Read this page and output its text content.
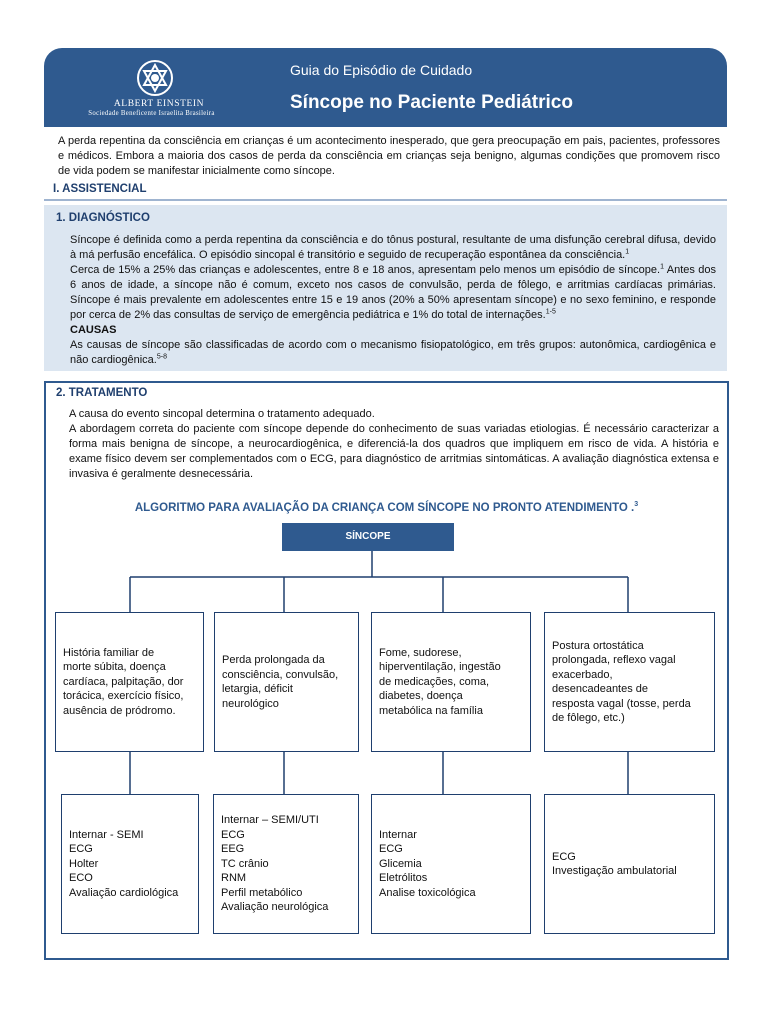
ALBERT EINSTEIN
Sociedade Beneficente Israelita Brasileira
Guia do Episódio de Cuidado
Síncope no Paciente Pediátrico
A perda repentina da consciência em crianças é um acontecimento inesperado, que gera preocupação em pais, pacientes, professores e médicos. Embora a maioria dos casos de perda da consciência em crianças seja benigno, algumas condições que promovem risco de vida podem se manifestar inicialmente como síncope.
I. ASSISTENCIAL
1. DIAGNÓSTICO

Síncope é definida como a perda repentina da consciência e do tônus postural, resultante de uma disfunção cerebral difusa, devido à má perfusão encefálica. O episódio sincopal é transitório e seguido de recuperação espontânea da consciência.$^1$

Cerca de 15% a 25% das crianças e adolescentes, entre 8 e 18 anos, apresentam pelo menos um episódio de síncope.$^1$ Antes dos 6 anos de idade, a síncope não é comum, exceto nos casos de convulsão, perda de fôlego, e arritmias cardíacas primárias. Síncope é mais prevalente em adolescentes entre 15 e 19 anos (20% a 50% apresentam síncope) e no sexo feminino, e responde por cerca de 2% das consultas de serviço de emergência pediátrica e 1% do total de internações.$^{1-5}$

CAUSAS

As causas de síncope são classificadas de acordo com o mecanismo fisiopatológico, em três grupos: autonômica, cardiogênica e não cardiogênica.$^{5-8}$

2. TRATAMENTO

A causa do evento sincopal determina o tratamento adequado.

A abordagem correta do paciente com síncope depende do conhecimento de suas variadas etiologias. É necessário caracterizar a forma mais benigna de síncope, a neurocardiogênica, e diferenciá-la dos quadros que impliquem em risco de vida. A história e exame físico devem ser complementados com o ECG, para diagnóstico de arritmias sintomáticas. A avaliação diagnóstica extensa e invasiva é geralmente desnecessária.

ALGORITMO PARA AVALIAÇÃO DA CRIANÇA COM SÍNCOPE NO PRONTO ATENDIMENTO .$^3$
SÍNCOPE
História familiar de
morte súbita, doença
cardíaca, palpitação, dor
torácica, exercício físico,
ausência de pródromo.
Perda prolongada da
consciência, convulsão,
letargia, déficit
neurológico
Fome, sudorese,
hiperventilação, ingestão
de medicações, coma,
diabetes, doença
metabólica na família
Postura ortostática
prolongada, reflexo vagal
exacerbado,
desencadeantes de
resposta vagal (tosse, perda
de fôlego, etc.)
Internar - SEMI
ECG
Holter
ECO
Avaliação cardiológica
Internar – SEMI/UTI
ECG
EEG
TC crânio
RNM
Perfil metabólico
Avaliação neurológica
Internar
ECG
Glicemia
Eletrólitos
Analise toxicológica
ECG
Investigação ambulatorial
